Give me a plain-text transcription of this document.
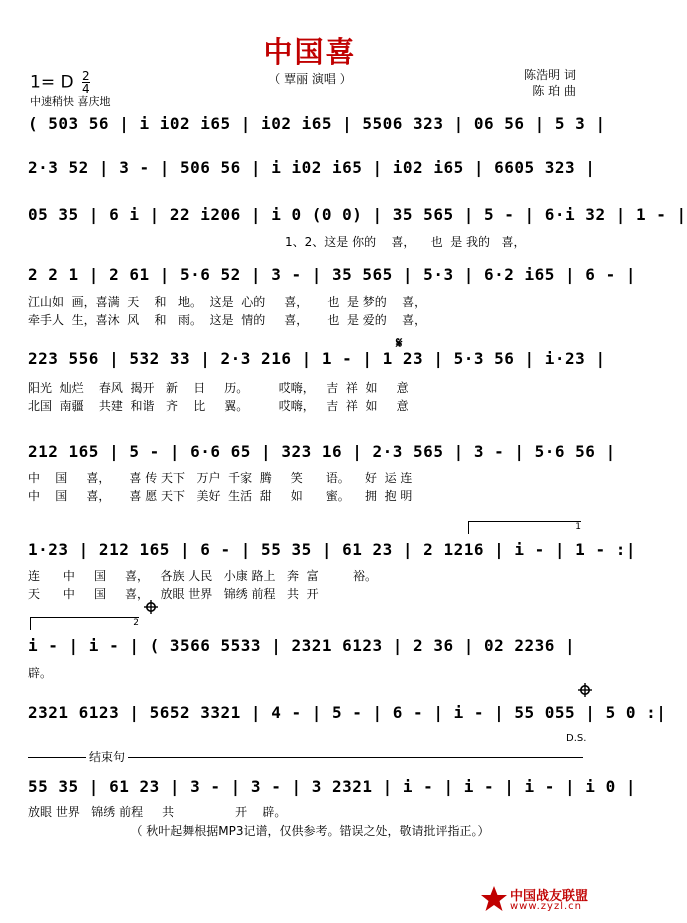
中国喜
（ 覃丽 演唱 ）
1= D $\frac{2}{4}$
中速稍快 喜庆地
陈浩明 词
陈 珀 曲
( 503 56 | i i02 i65 | i02 i65 | 5506 323 | 06 56 | 5 3 |
2·3 52 | 3 - | 506 56 | i i02 i65 | i02 i65 | 6605 323 |
05 35 | 6 i | 22 i206 | i 0 (0 0) | 35 565 | 5 - | 6·i 32 | 1 - |
1、2、这是 你的    喜，    也  是 我的   喜，
2 2 1 | 2 61 | 5·6 52 | 3 - | 35 565 | 5·3 | 6·2 i65 | 6 - |
江山如  画，喜满  天    和   地。  这是  心的     喜，     也  是 梦的    喜，
牵手人  生，喜沐  风    和   雨。  这是  情的     喜，     也  是 爱的    喜，
𝄋
223 556 | 532 33 | 2·3 216 | 1 - | 1 23 | 5·3 56 | i·23 |
阳光  灿烂    春风  揭开   新    日     历。        哎嗨，   吉  祥  如     意
北国  南疆    共建  和谐   齐    比     翼。        哎嗨，   吉  祥  如     意
212 165 | 5 - | 6·6 65 | 323 16 | 2·3 565 | 3 - | 5·6 56 |
中    国     喜，     喜 传 天下   万户  千家  腾     笑      语。    好  运 连
中    国     喜，     喜 愿 天下   美好  生活  甜     如      蜜。    拥  抱 明
1
1·23 | 212 165 | 6 - | 55 35 | 61 23 | 2 1216 | i - | 1 - :|
连      中     国     喜，   各族 人民   小康 路上   奔  富         裕。
天      中     国     喜，   放眼 世界   锦绣 前程   共  开
2
i - | i - | ( 3566 5533 | 2321 6123 | 2 36 | 02 2236 |
辟。
2321 6123 | 5652 3321 | 4 - | 5 - | 6 - | i - | 55 055 | 5 0 :|
D.S.
结束句
55 35 | 61 23 | 3 - | 3 - | 3 2321 | i - | i - | i - | i 0 |
放眼 世界   锦绣 前程     共                开    辟。
（ 秋叶起舞根据MP3记谱，仅供参考。错误之处，敬请批评指正。）
中国战友联盟
www.zyzl.cn
